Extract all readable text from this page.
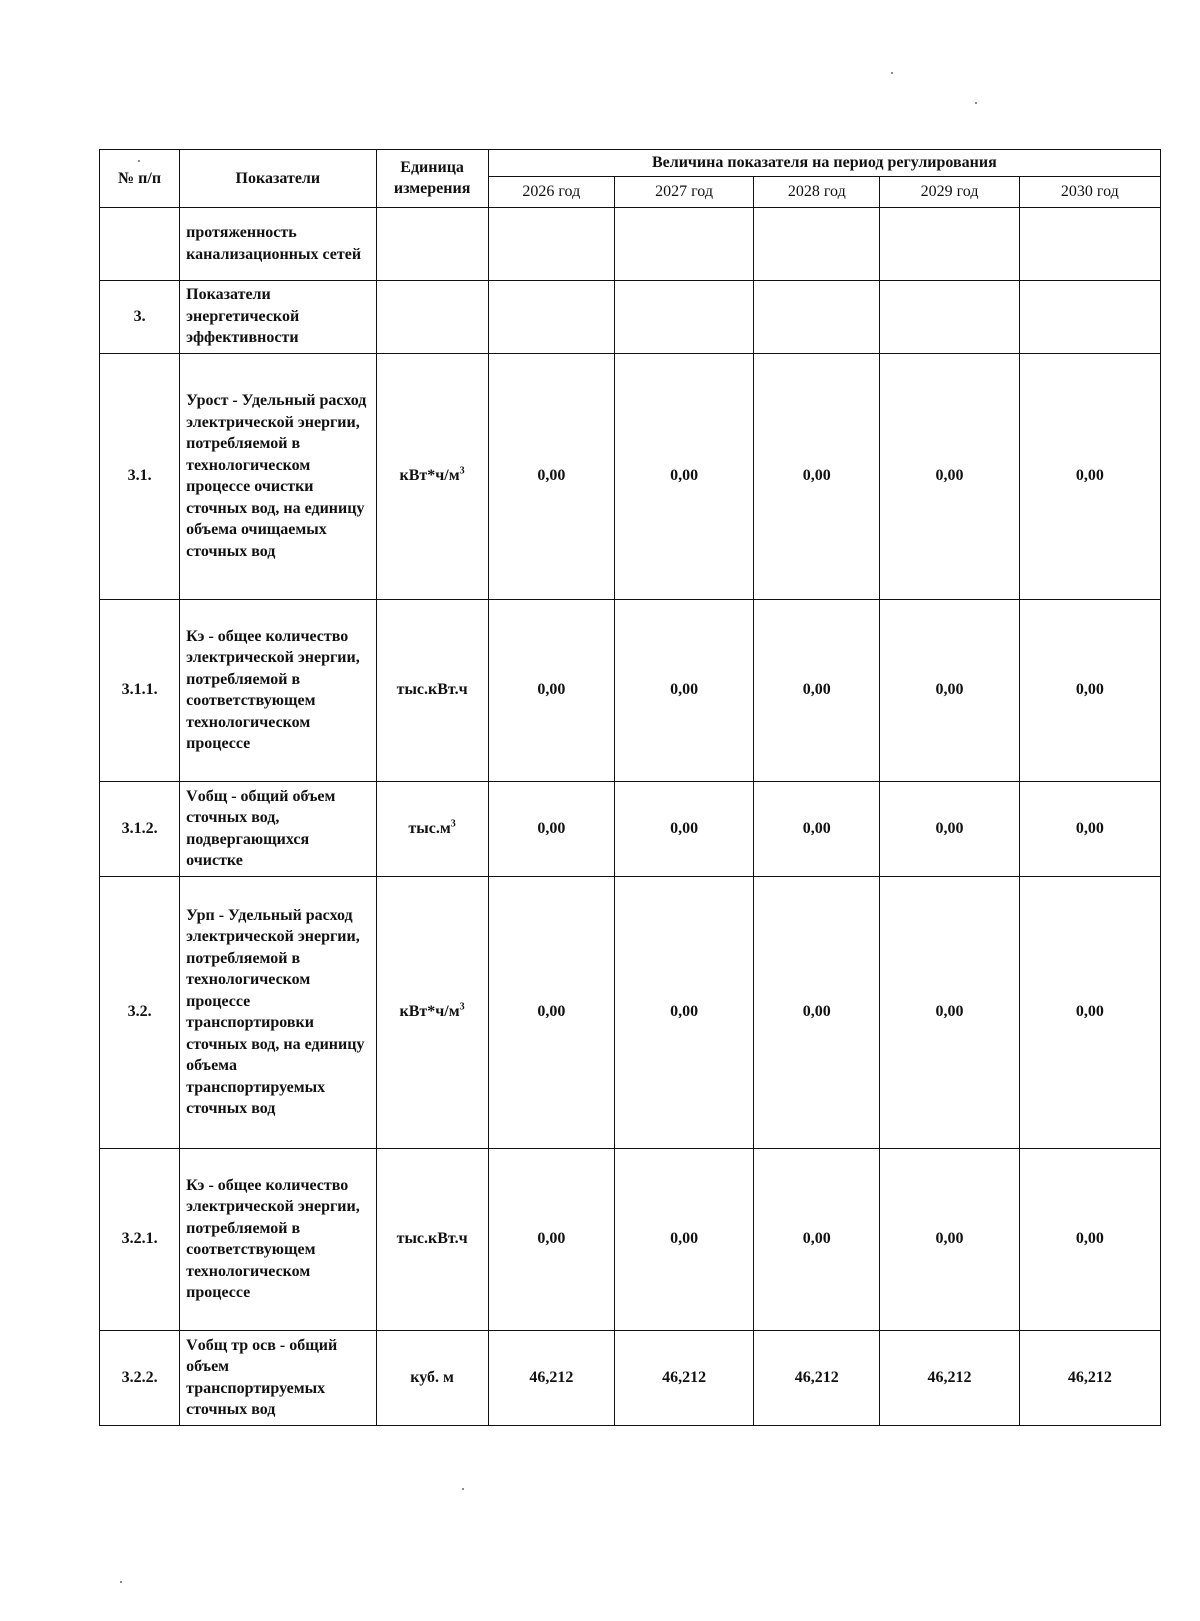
№ п/п	Показатели	Единица измерения	Величина показателя на период регулирования				
			2026 год	2027 год	2028 год	2029 год	2030 год
	протяженность канализационных сетей						
3.	Показатели энергетической эффективности						
3.1.	Урост - Удельный расход электрической энергии, потребляемой в технологическом процессе очистки сточных вод, на единицу объема очищаемых сточных вод	$кВт*ч/м^3$	0,00	0,00	0,00	0,00	0,00
3.1.1.	Кэ - общее количество электрической энергии, потребляемой в соответствующем технологическом процессе	тыс.кВт.ч	0,00	0,00	0,00	0,00	0,00
3.1.2.	Vобщ - общий объем сточных вод, подвергающихся очистке	$тыс.м^3$	0,00	0,00	0,00	0,00	0,00
3.2.	Урп - Удельный расход электрической энергии, потребляемой в технологическом процессе транспортировки сточных вод, на единицу объема транспортируемых сточных вод	$кВт*ч/м^3$	0,00	0,00	0,00	0,00	0,00
3.2.1.	Кэ - общее количество электрической энергии, потребляемой в соответствующем технологическом процессе	тыс.кВт.ч	0,00	0,00	0,00	0,00	0,00
3.2.2.	Vобщ тр осв - общий объем транспортируемых сточных вод	куб. м	46,212	46,212	46,212	46,212	46,212
